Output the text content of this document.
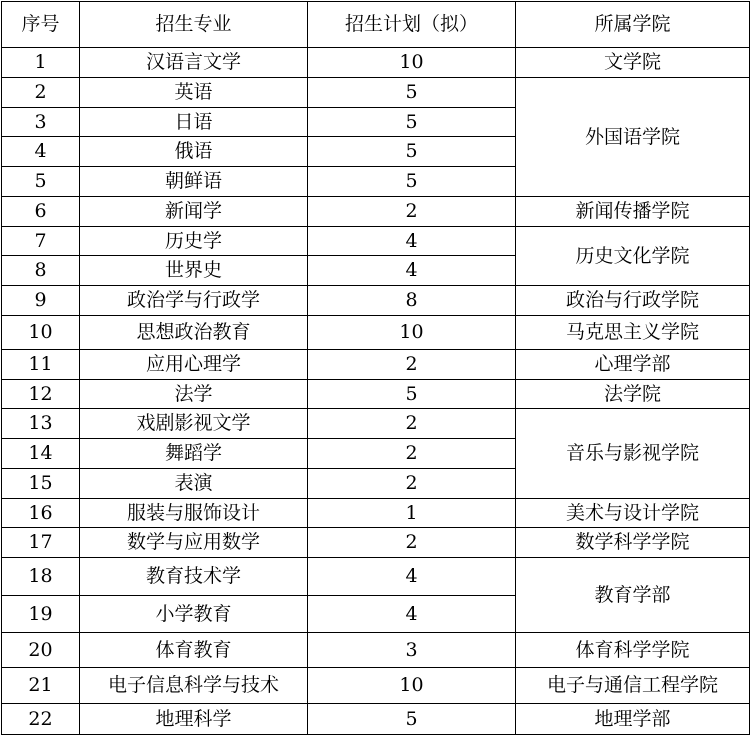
序号	招生专业	招生计划（拟）	所属学院
1	汉语言文学	10	文学院
2	英语	5	外国语学院
3	日语	5	
4	俄语	5	
5	朝鲜语	5	
6	新闻学	2	新闻传播学院
7	历史学	4	历史文化学院
8	世界史	4	
9	政治学与行政学	8	政治与行政学院
10	思想政治教育	10	马克思主义学院
11	应用心理学	2	心理学部
12	法学	5	法学院
13	戏剧影视文学	2	音乐与影视学院
14	舞蹈学	2	
15	表演	2	
16	服装与服饰设计	1	美术与设计学院
17	数学与应用数学	2	数学科学学院
18	教育技术学	4	教育学部
19	小学教育	4	
20	体育教育	3	体育科学学院
21	电子信息科学与技术	10	电子与通信工程学院
22	地理科学	5	地理学部
